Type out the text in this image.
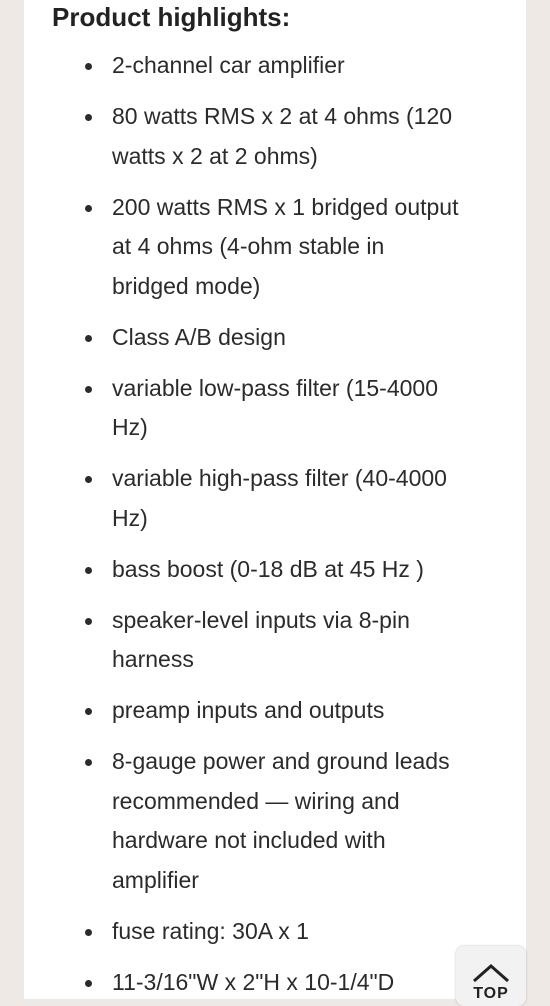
Product highlights:
2-channel car amplifier
80 watts RMS x 2 at 4 ohms (120
watts x 2 at 2 ohms)
200 watts RMS x 1 bridged output
at 4 ohms (4-ohm stable in
bridged mode)
Class A/B design
variable low-pass filter (15-4000
Hz)
variable high-pass filter (40-4000
Hz)
bass boost (0-18 dB at 45 Hz )
speaker-level inputs via 8-pin
harness
preamp inputs and outputs
8-gauge power and ground leads
recommended — wiring and
hardware not included with
amplifier
fuse rating: 30A x 1
11-3/16"W x 2"H x 10-1/4"D	TOP
